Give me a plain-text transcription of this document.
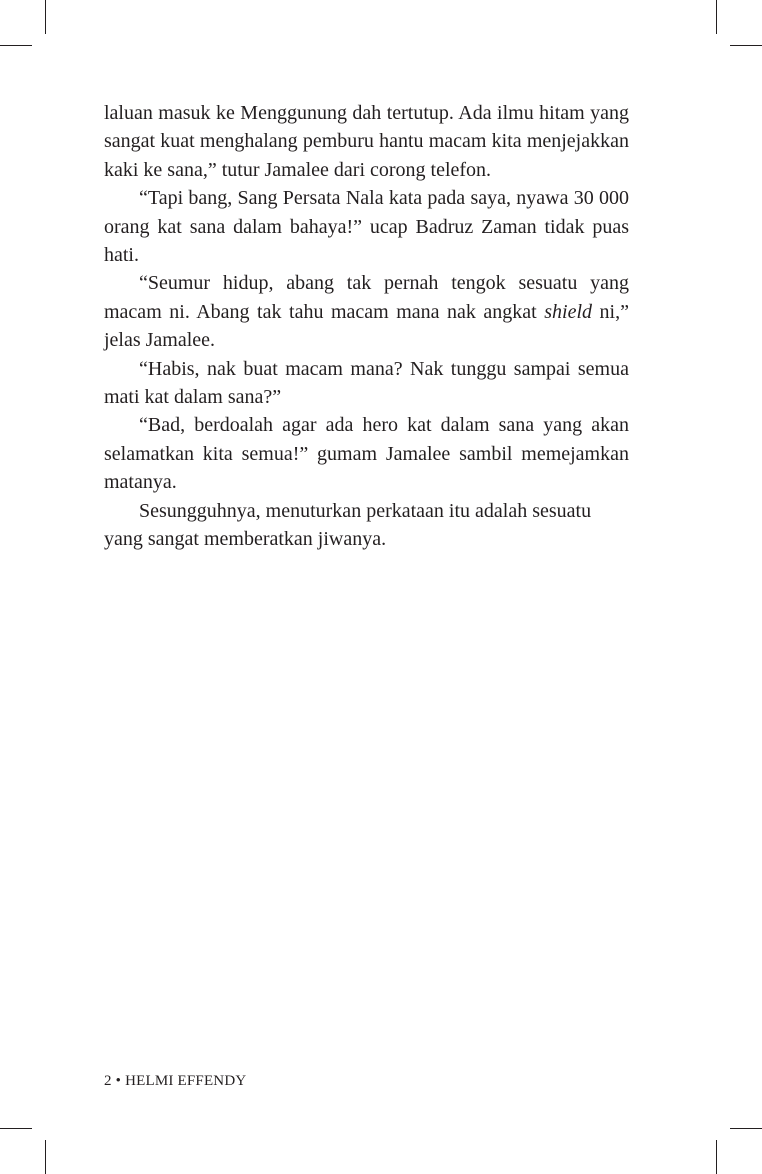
laluan masuk ke Menggunung dah tertutup. Ada ilmu hitam yang sangat kuat menghalang pemburu hantu macam kita menjejakkan kaki ke sana,” tutur Jamalee dari corong telefon.

“Tapi bang, Sang Persata Nala kata pada saya, nyawa 30 000 orang kat sana dalam bahaya!” ucap Badruz Zaman tidak puas hati.

“Seumur hidup, abang tak pernah tengok sesuatu yang macam ni. Abang tak tahu macam mana nak angkat shield ni,” jelas Jamalee.

“Habis, nak buat macam mana? Nak tunggu sampai semua mati kat dalam sana?”

“Bad, berdoalah agar ada hero kat dalam sana yang akan selamatkan kita semua!” gumam Jamalee sambil memejamkan matanya.

Sesungguhnya, menuturkan perkataan itu adalah sesuatu yang sangat memberatkan jiwanya.

2 • HELMI EFFENDY
